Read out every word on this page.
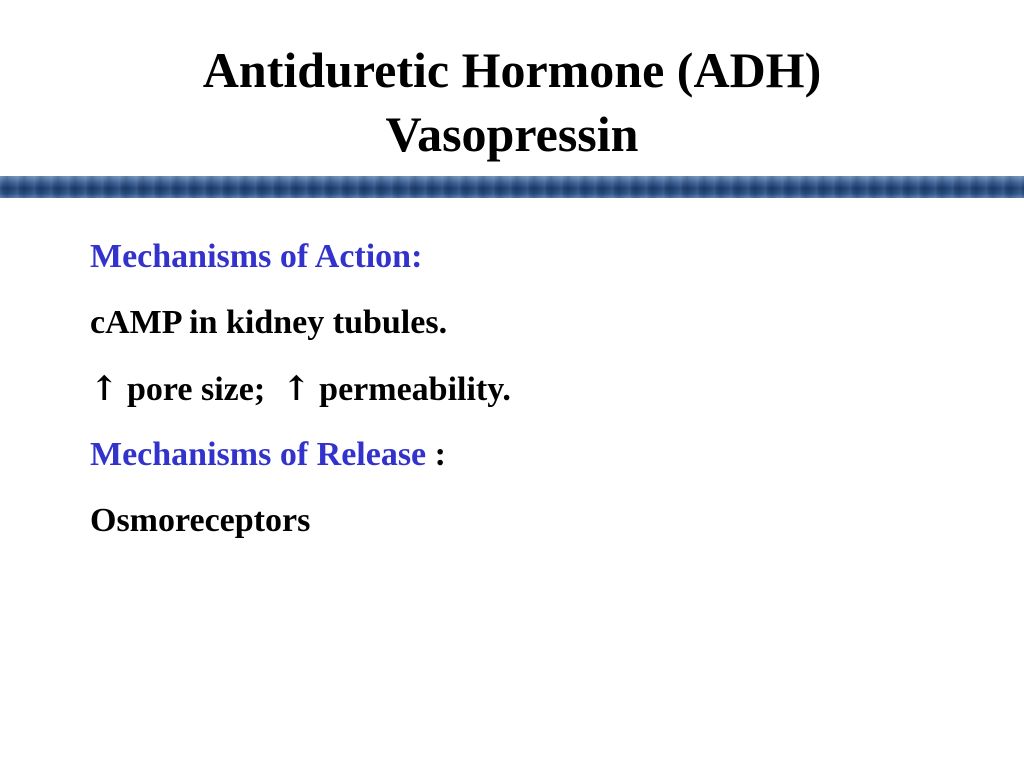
Antiduretic Hormone (ADH)
Vasopressin
Mechanisms of Action:
cAMP in kidney tubules.
↑ pore size; ↑ permeability.
Mechanisms of Release :
Osmoreceptors
